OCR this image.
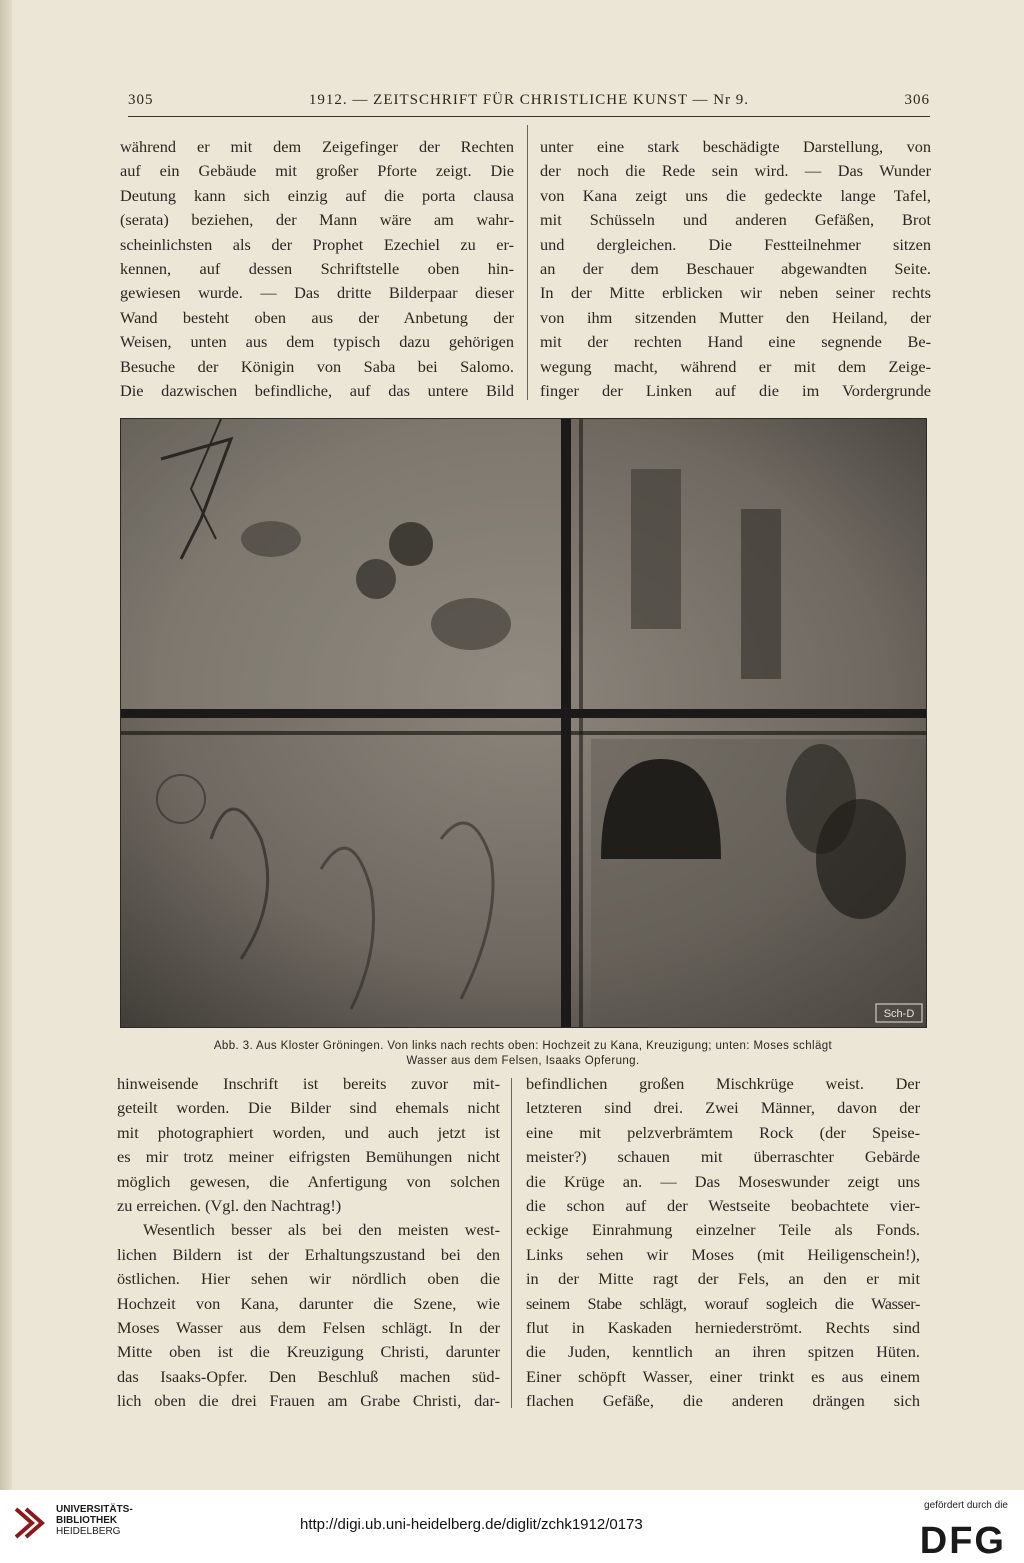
305	1912. — ZEITSCHRIFT FÜR CHRISTLICHE KUNST — Nr 9.	306
während er mit dem Zeigefinger der Rechten
auf ein Gebäude mit großer Pforte zeigt. Die
Deutung kann sich einzig auf die porta clausa
(serata) beziehen, der Mann wäre am wahr-
scheinlichsten als der Prophet Ezechiel zu er-
kennen, auf dessen Schriftstelle oben hin-
gewiesen wurde. — Das dritte Bilderpaar dieser
Wand besteht oben aus der Anbetung der
Weisen, unten aus dem typisch dazu gehörigen
Besuche der Königin von Saba bei Salomo.
Die dazwischen befindliche, auf das untere Bild
unter eine stark beschädigte Darstellung, von
der noch die Rede sein wird. — Das Wunder
von Kana zeigt uns die gedeckte lange Tafel,
mit Schüsseln und anderen Gefäßen, Brot
und dergleichen. Die Festteilnehmer sitzen
an der dem Beschauer abgewandten Seite.
In der Mitte erblicken wir neben seiner rechts
von ihm sitzenden Mutter den Heiland, der
mit der rechten Hand eine segnende Be-
wegung macht, während er mit dem Zeige-
finger der Linken auf die im Vordergrunde
Sch-D
Abb. 3. Aus Kloster Gröningen. Von links nach rechts oben: Hochzeit zu Kana, Kreuzigung; unten: Moses schlägt
Wasser aus dem Felsen, Isaaks Opferung.
hinweisende Inschrift ist bereits zuvor mit-
geteilt worden. Die Bilder sind ehemals nicht
mit photographiert worden, und auch jetzt ist
es mir trotz meiner eifrigsten Bemühungen nicht
möglich gewesen, die Anfertigung von solchen
zu erreichen. (Vgl. den Nachtrag!)
Wesentlich besser als bei den meisten west-
lichen Bildern ist der Erhaltungszustand bei den
östlichen. Hier sehen wir nördlich oben die
Hochzeit von Kana, darunter die Szene, wie
Moses Wasser aus dem Felsen schlägt. In der
Mitte oben ist die Kreuzigung Christi, darunter
das Isaaks-Opfer. Den Beschluß machen süd-
lich oben die drei Frauen am Grabe Christi, dar-
befindlichen großen Mischkrüge weist. Der
letzteren sind drei. Zwei Männer, davon der
eine mit pelzverbrämtem Rock (der Speise-
meister?) schauen mit überraschter Gebärde
die Krüge an. — Das Moseswunder zeigt uns
die schon auf der Westseite beobachtete vier-
eckige Einrahmung einzelner Teile als Fonds.
Links sehen wir Moses (mit Heiligenschein!),
in der Mitte ragt der Fels, an den er mit
seinem Stabe schlägt, worauf sogleich die Wasser-
flut in Kaskaden herniederströmt. Rechts sind
die Juden, kenntlich an ihren spitzen Hüten.
Einer schöpft Wasser, einer trinkt es aus einem
flachen Gefäße, die anderen drängen sich
UNIVERSITÄTS-
BIBLIOTHEK
HEIDELBERG	http://digi.ub.uni-heidelberg.de/diglit/zchk1912/0173
gefördert durch die
DFG
